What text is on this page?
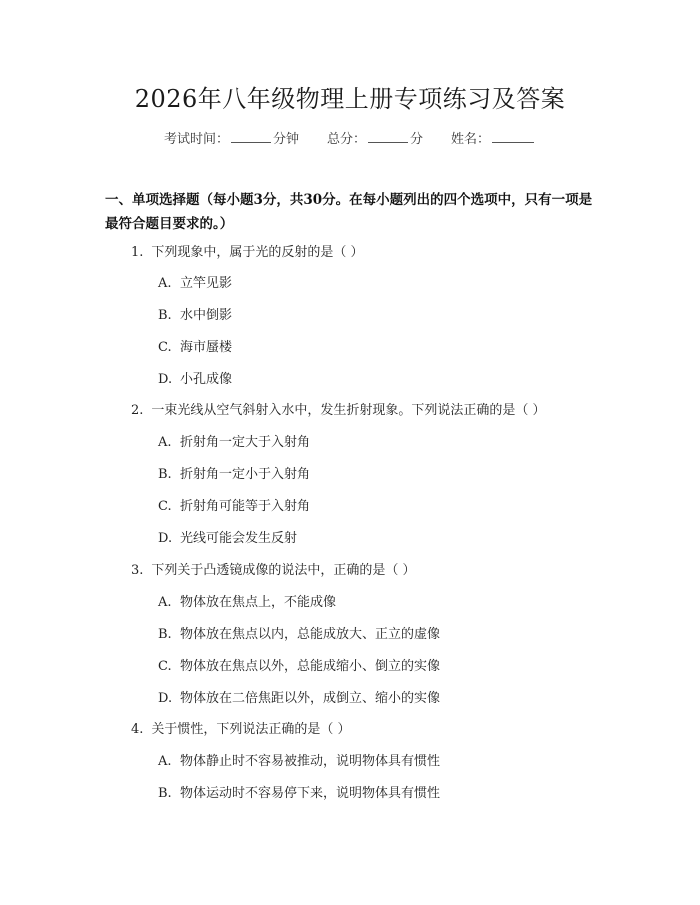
2026年八年级物理上册专项练习及答案
考试时间：	分钟 总分：	分 姓名：
一、单项选择题（每小题3分，共30分。在每小题列出的四个选项中，只有一项是最符合题目要求的。）
1. 下列现象中，属于光的反射的是（ ）
A. 立竿见影
B. 水中倒影
C. 海市蜃楼
D. 小孔成像
2. 一束光线从空气斜射入水中，发生折射现象。下列说法正确的是（ ）
A. 折射角一定大于入射角
B. 折射角一定小于入射角
C. 折射角可能等于入射角
D. 光线可能会发生反射
3. 下列关于凸透镜成像的说法中，正确的是（ ）
A. 物体放在焦点上，不能成像
B. 物体放在焦点以内，总能成放大、正立的虚像
C. 物体放在焦点以外，总能成缩小、倒立的实像
D. 物体放在二倍焦距以外，成倒立、缩小的实像
4. 关于惯性，下列说法正确的是（ ）
A. 物体静止时不容易被推动，说明物体具有惯性
B. 物体运动时不容易停下来，说明物体具有惯性
